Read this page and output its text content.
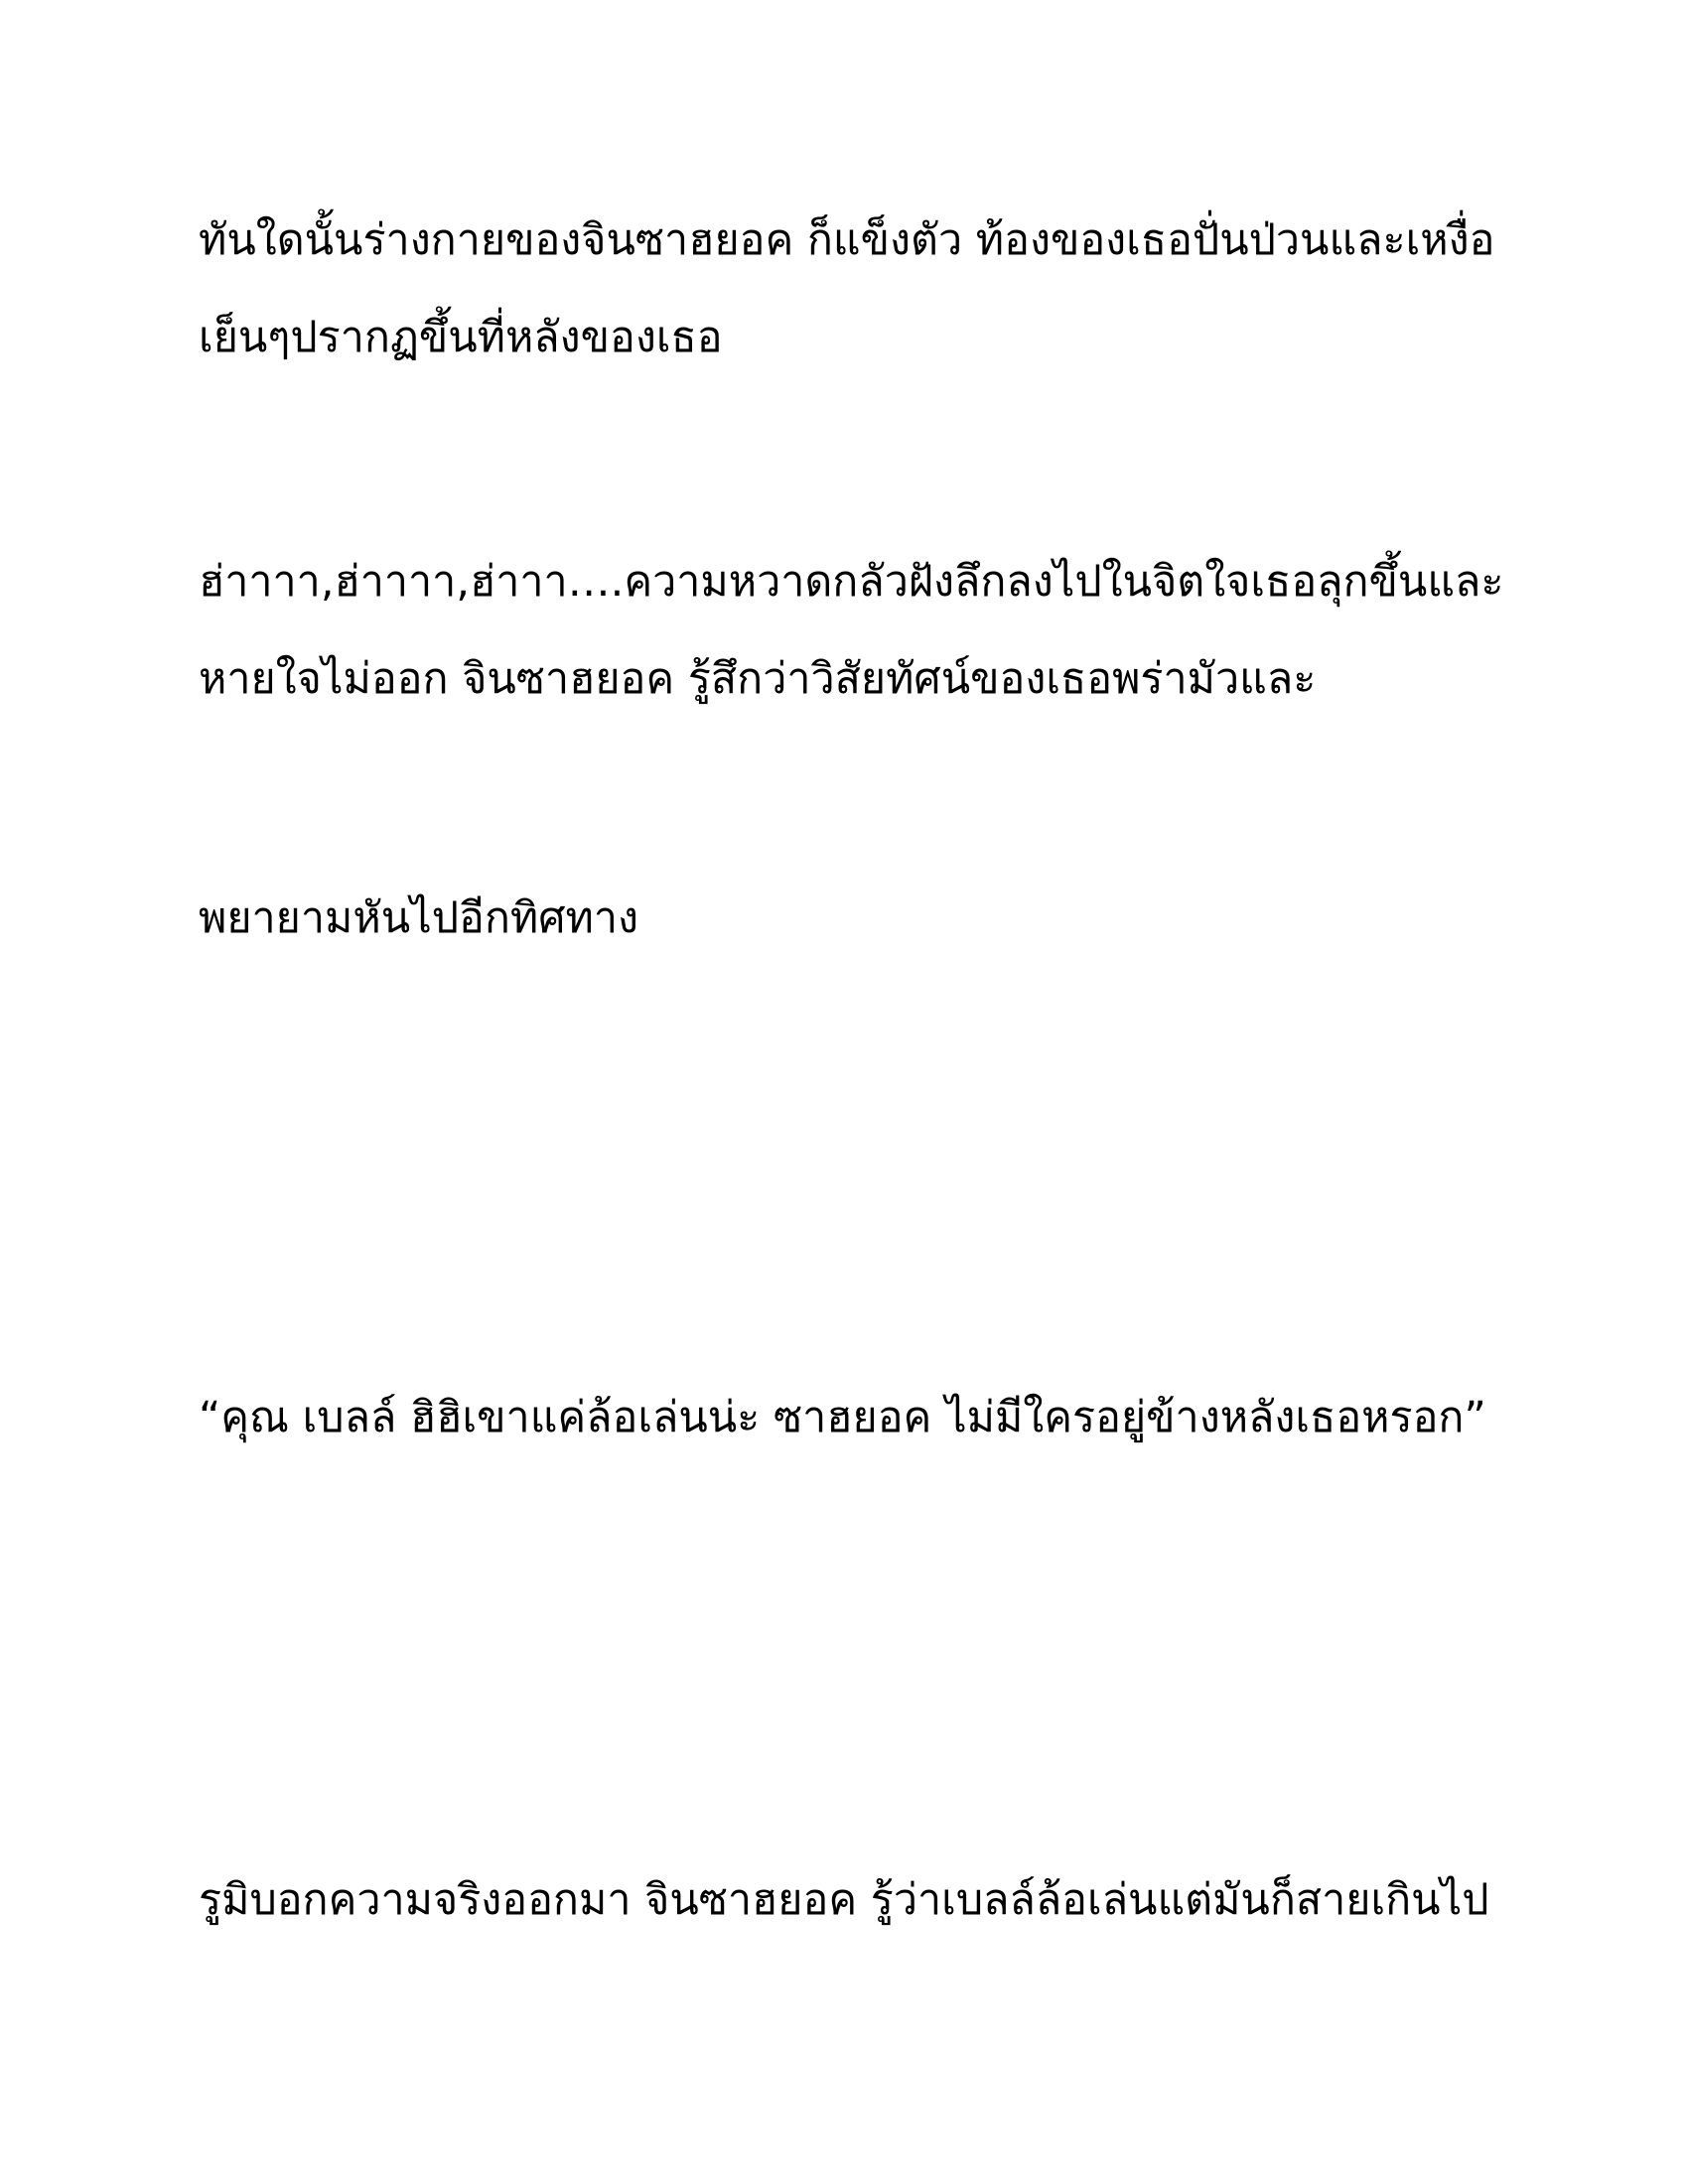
ทันใดนั้นร่างกายของจินซาฮยอค ก็แข็งตัว ท้องของเธอปั่นป่วนและเหงื่อ
เย็นๆปรากฏขึ้นที่หลังของเธอ

ฮ่าาาา,ฮ่าาาา,ฮ่าาา….ความหวาดกลัวฝังลึกลงไปในจิตใจเธอลุกขึ้นและ
หายใจไม่ออก จินซาฮยอค รู้สึกว่าวิสัยทัศน์ของเธอพร่ามัวและ

พยายามหันไปอีกทิศทาง

“คุณ เบลล์ ฮิฮิเขาแค่ล้อเล่นน่ะ ซาฮยอค ไม่มีใครอยู่ข้างหลังเธอหรอก”

รูมิบอกความจริงออกมา จินซาฮยอค รู้ว่าเบลล์ล้อเล่นแต่มันก็สายเกินไป
